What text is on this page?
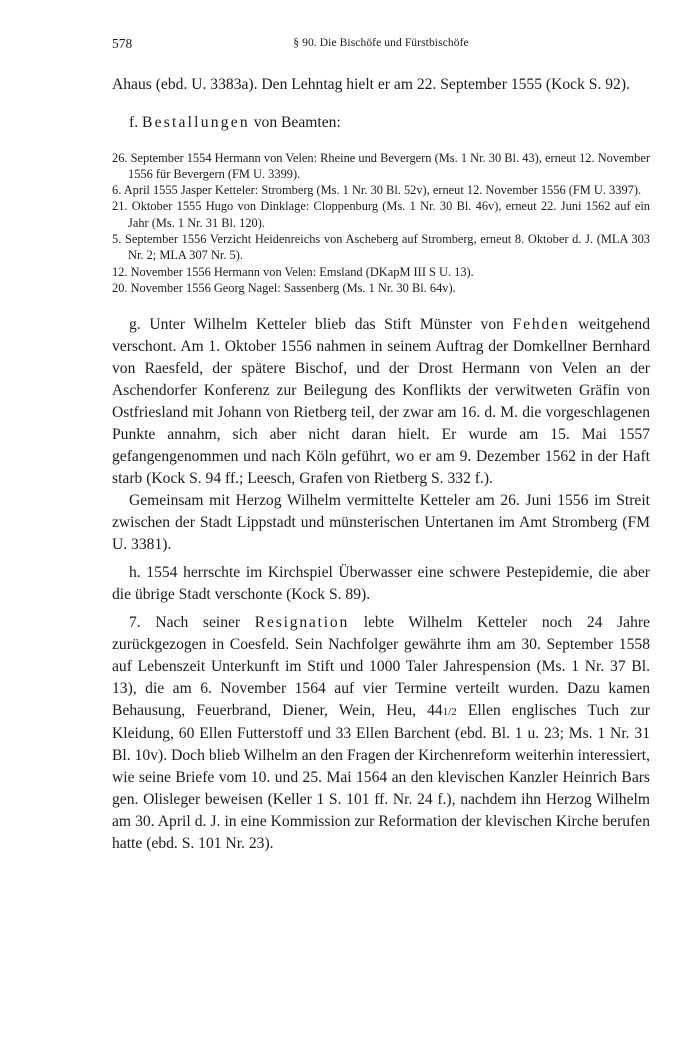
578	§ 90. Die Bischöfe und Fürstbischöfe

Ahaus (ebd. U. 3383a). Den Lehntag hielt er am 22. September 1555 (Kock S. 92).

f. Bestallungen von Beamten:

26. September 1554 Hermann von Velen: Rheine und Bevergern (Ms. 1 Nr. 30 Bl. 43), erneut 12. November 1556 für Bevergern (FM U. 3399).
6. April 1555 Jasper Ketteler: Stromberg (Ms. 1 Nr. 30 Bl. 52v), erneut 12. November 1556 (FM U. 3397).
21. Oktober 1555 Hugo von Dinklage: Cloppenburg (Ms. 1 Nr. 30 Bl. 46v), erneut 22. Juni 1562 auf ein Jahr (Ms. 1 Nr. 31 Bl. 120).
5. September 1556 Verzicht Heidenreichs von Ascheberg auf Stromberg, erneut 8. Oktober d. J. (MLA 303 Nr. 2; MLA 307 Nr. 5).
12. November 1556 Hermann von Velen: Emsland (DKapM III S U. 13).
20. November 1556 Georg Nagel: Sassenberg (Ms. 1 Nr. 30 Bl. 64v).

g. Unter Wilhelm Ketteler blieb das Stift Münster von Fehden weitgehend verschont. Am 1. Oktober 1556 nahmen in seinem Auftrag der Domkellner Bernhard von Raesfeld, der spätere Bischof, und der Drost Hermann von Velen an der Aschendorfer Konferenz zur Beilegung des Konflikts der verwitweten Gräfin von Ostfriesland mit Johann von Rietberg teil, der zwar am 16. d. M. die vorgeschlagenen Punkte annahm, sich aber nicht daran hielt. Er wurde am 15. Mai 1557 gefangengenommen und nach Köln geführt, wo er am 9. Dezember 1562 in der Haft starb (Kock S. 94 ff.; Leesch, Grafen von Rietberg S. 332 f.).

Gemeinsam mit Herzog Wilhelm vermittelte Ketteler am 26. Juni 1556 im Streit zwischen der Stadt Lippstadt und münsterischen Untertanen im Amt Stromberg (FM U. 3381).

h. 1554 herrschte im Kirchspiel Überwasser eine schwere Pestepidemie, die aber die übrige Stadt verschonte (Kock S. 89).

7. Nach seiner Resignation lebte Wilhelm Ketteler noch 24 Jahre zurückgezogen in Coesfeld. Sein Nachfolger gewährte ihm am 30. September 1558 auf Lebenszeit Unterkunft im Stift und 1000 Taler Jahrespension (Ms. 1 Nr. 37 Bl. 13), die am 6. November 1564 auf vier Termine verteilt wurden. Dazu kamen Behausung, Feuerbrand, Diener, Wein, Heu, 441/2 Ellen englisches Tuch zur Kleidung, 60 Ellen Futterstoff und 33 Ellen Barchent (ebd. Bl. 1 u. 23; Ms. 1 Nr. 31 Bl. 10v). Doch blieb Wilhelm an den Fragen der Kirchenreform weiterhin interessiert, wie seine Briefe vom 10. und 25. Mai 1564 an den klevischen Kanzler Heinrich Bars gen. Olisleger beweisen (Keller 1 S. 101 ff. Nr. 24 f.), nachdem ihn Herzog Wilhelm am 30. April d. J. in eine Kommission zur Reformation der klevischen Kirche berufen hatte (ebd. S. 101 Nr. 23).
